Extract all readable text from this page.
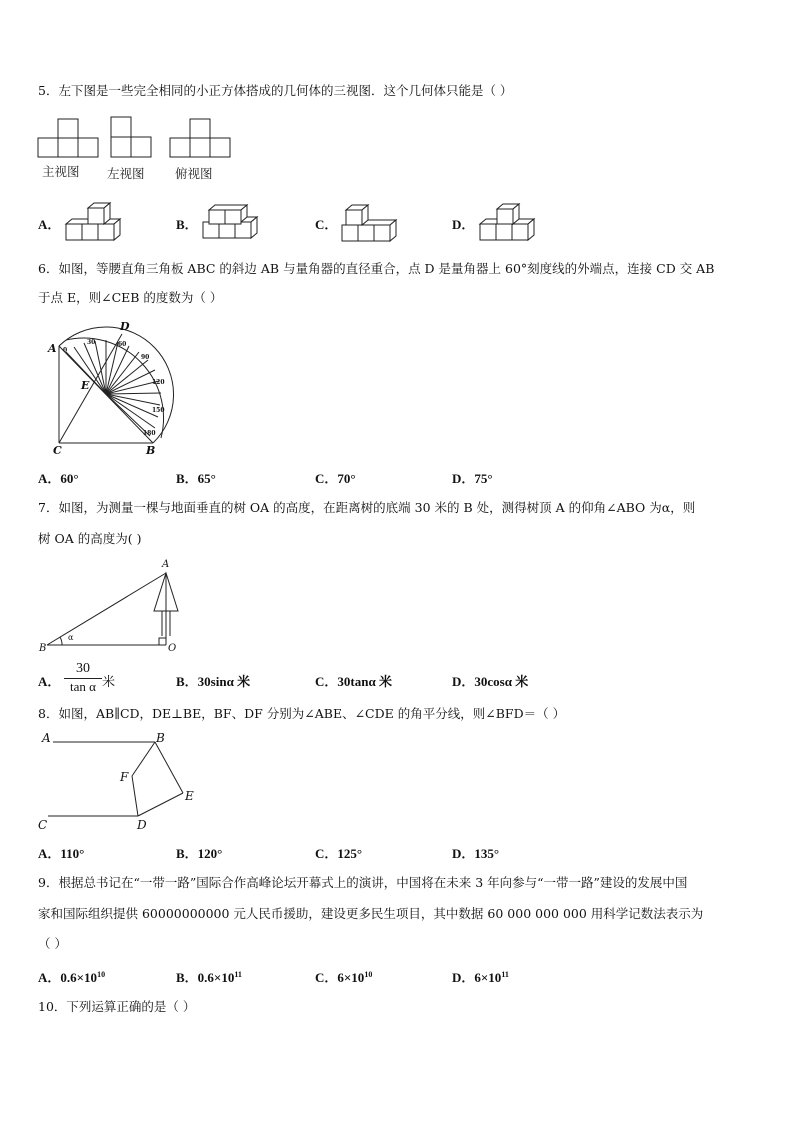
5．左下图是一些完全相同的小正方体搭成的几何体的三视图．这个几何体只能是（ ）
主视图 左视图 俯视图
A．	B．	C．	D．
6．如图，等腰直角三角板 ABC 的斜边 AB 与量角器的直径重合，点 D 是量角器上 60°刻度线的外端点，连接 CD 交 AB
于点 E，则∠CEB 的度数为（ ）
A
D
E
C	B
0
30	60
90
120
150
180
A．60°	B．65°	C．70°	D．75°
7．如图，为测量一棵与地面垂直的树 OA 的高度，在距离树的底端 30 米的 B 处，测得树顶 A 的仰角∠ABO 为α，则
树 OA 的高度为( )
A
B	O
α
A．
30
tan α 米	B．30sinα 米	C．30tanα 米	D．30cosα 米
8．如图，AB∥CD，DE⊥BE，BF、DF 分别为∠ABE、∠CDE 的角平分线，则∠BFD＝（ ）
A	B
F
E
C	D
A．110°	B．120°	C．125°	D．135°
9．根据总书记在“一带一路”国际合作高峰论坛开幕式上的演讲，中国将在未来 3 年向参与“一带一路”建设的发展中国
家和国际组织提供 60000000000 元人民币援助，建设更多民生项目，其中数据 60 000 000 000 用科学记数法表示为
（ ）
A．$0.6\times 10^{10}$	B．$0.6\times 10^{11}$	C．$6\times 10^{10}$	D．$6\times 10^{11}$
10．下列运算正确的是（ ）
